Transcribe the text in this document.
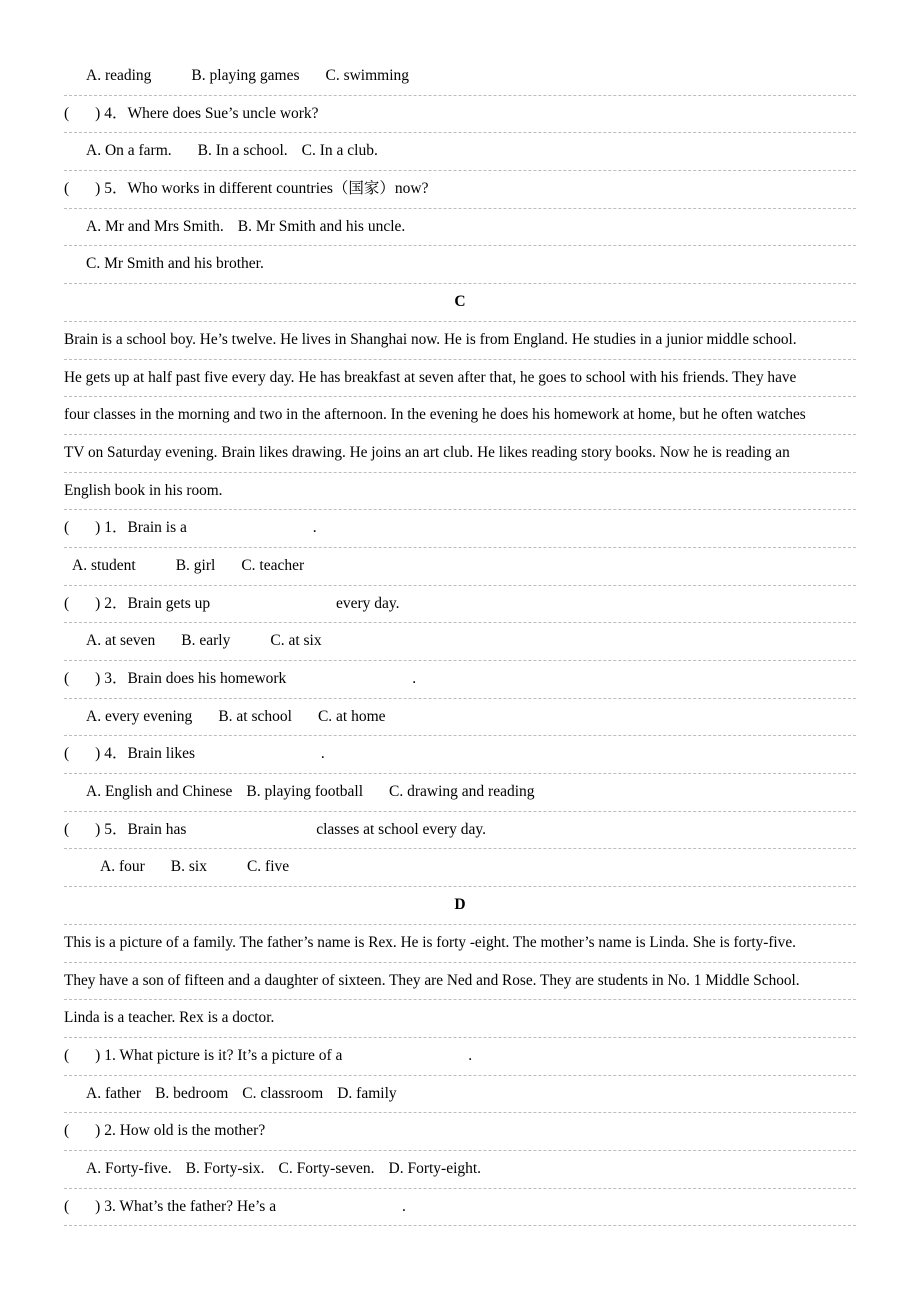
A. reading	B. playing games C. swimming
( ) 4．Where does Sue’s uncle work?
A. On a farm. B. In a school. C. In a club.
( ) 5．Who works in different countries（国家）now?
A. Mr and Mrs Smith. B. Mr Smith and his uncle.
C. Mr Smith and his brother.
C
Brain is a school boy. He’s twelve. He lives in Shanghai now. He is from England. He studies in a junior middle school.
He gets up at half past five every day. He has breakfast at seven after that, he goes to school with his friends. They have
four classes in the morning and two in the afternoon. In the evening he does his homework at home, but he often watches
TV on Saturday evening. Brain likes drawing. He joins an art club. He likes reading story books. Now he is reading an
English book in his room.
( ) 1．Brain is a	.
A. student	B. girl C. teacher
( ) 2．Brain gets up	every day.
A. at seven B. early	C. at six
( ) 3．Brain does his homework	.
A. every evening B. at school C. at home
( ) 4．Brain likes	.
A. English and Chinese B. playing football C. drawing and reading
( ) 5．Brain has	classes at school every day.
A. four B. six	C. five
D
This is a picture of a family. The father’s name is Rex. He is forty -eight. The mother’s name is Linda. She is forty-five.
They have a son of fifteen and a daughter of sixteen. They are Ned and Rose. They are students in No. 1 Middle School.
Linda is a teacher. Rex is a doctor.
( ) 1. What picture is it? It’s a picture of a	.
A. father B. bedroom C. classroom D. family
( ) 2. How old is the mother?
A. Forty-five. B. Forty-six. C. Forty-seven. D. Forty-eight.
( ) 3. What’s the father? He’s a	.
